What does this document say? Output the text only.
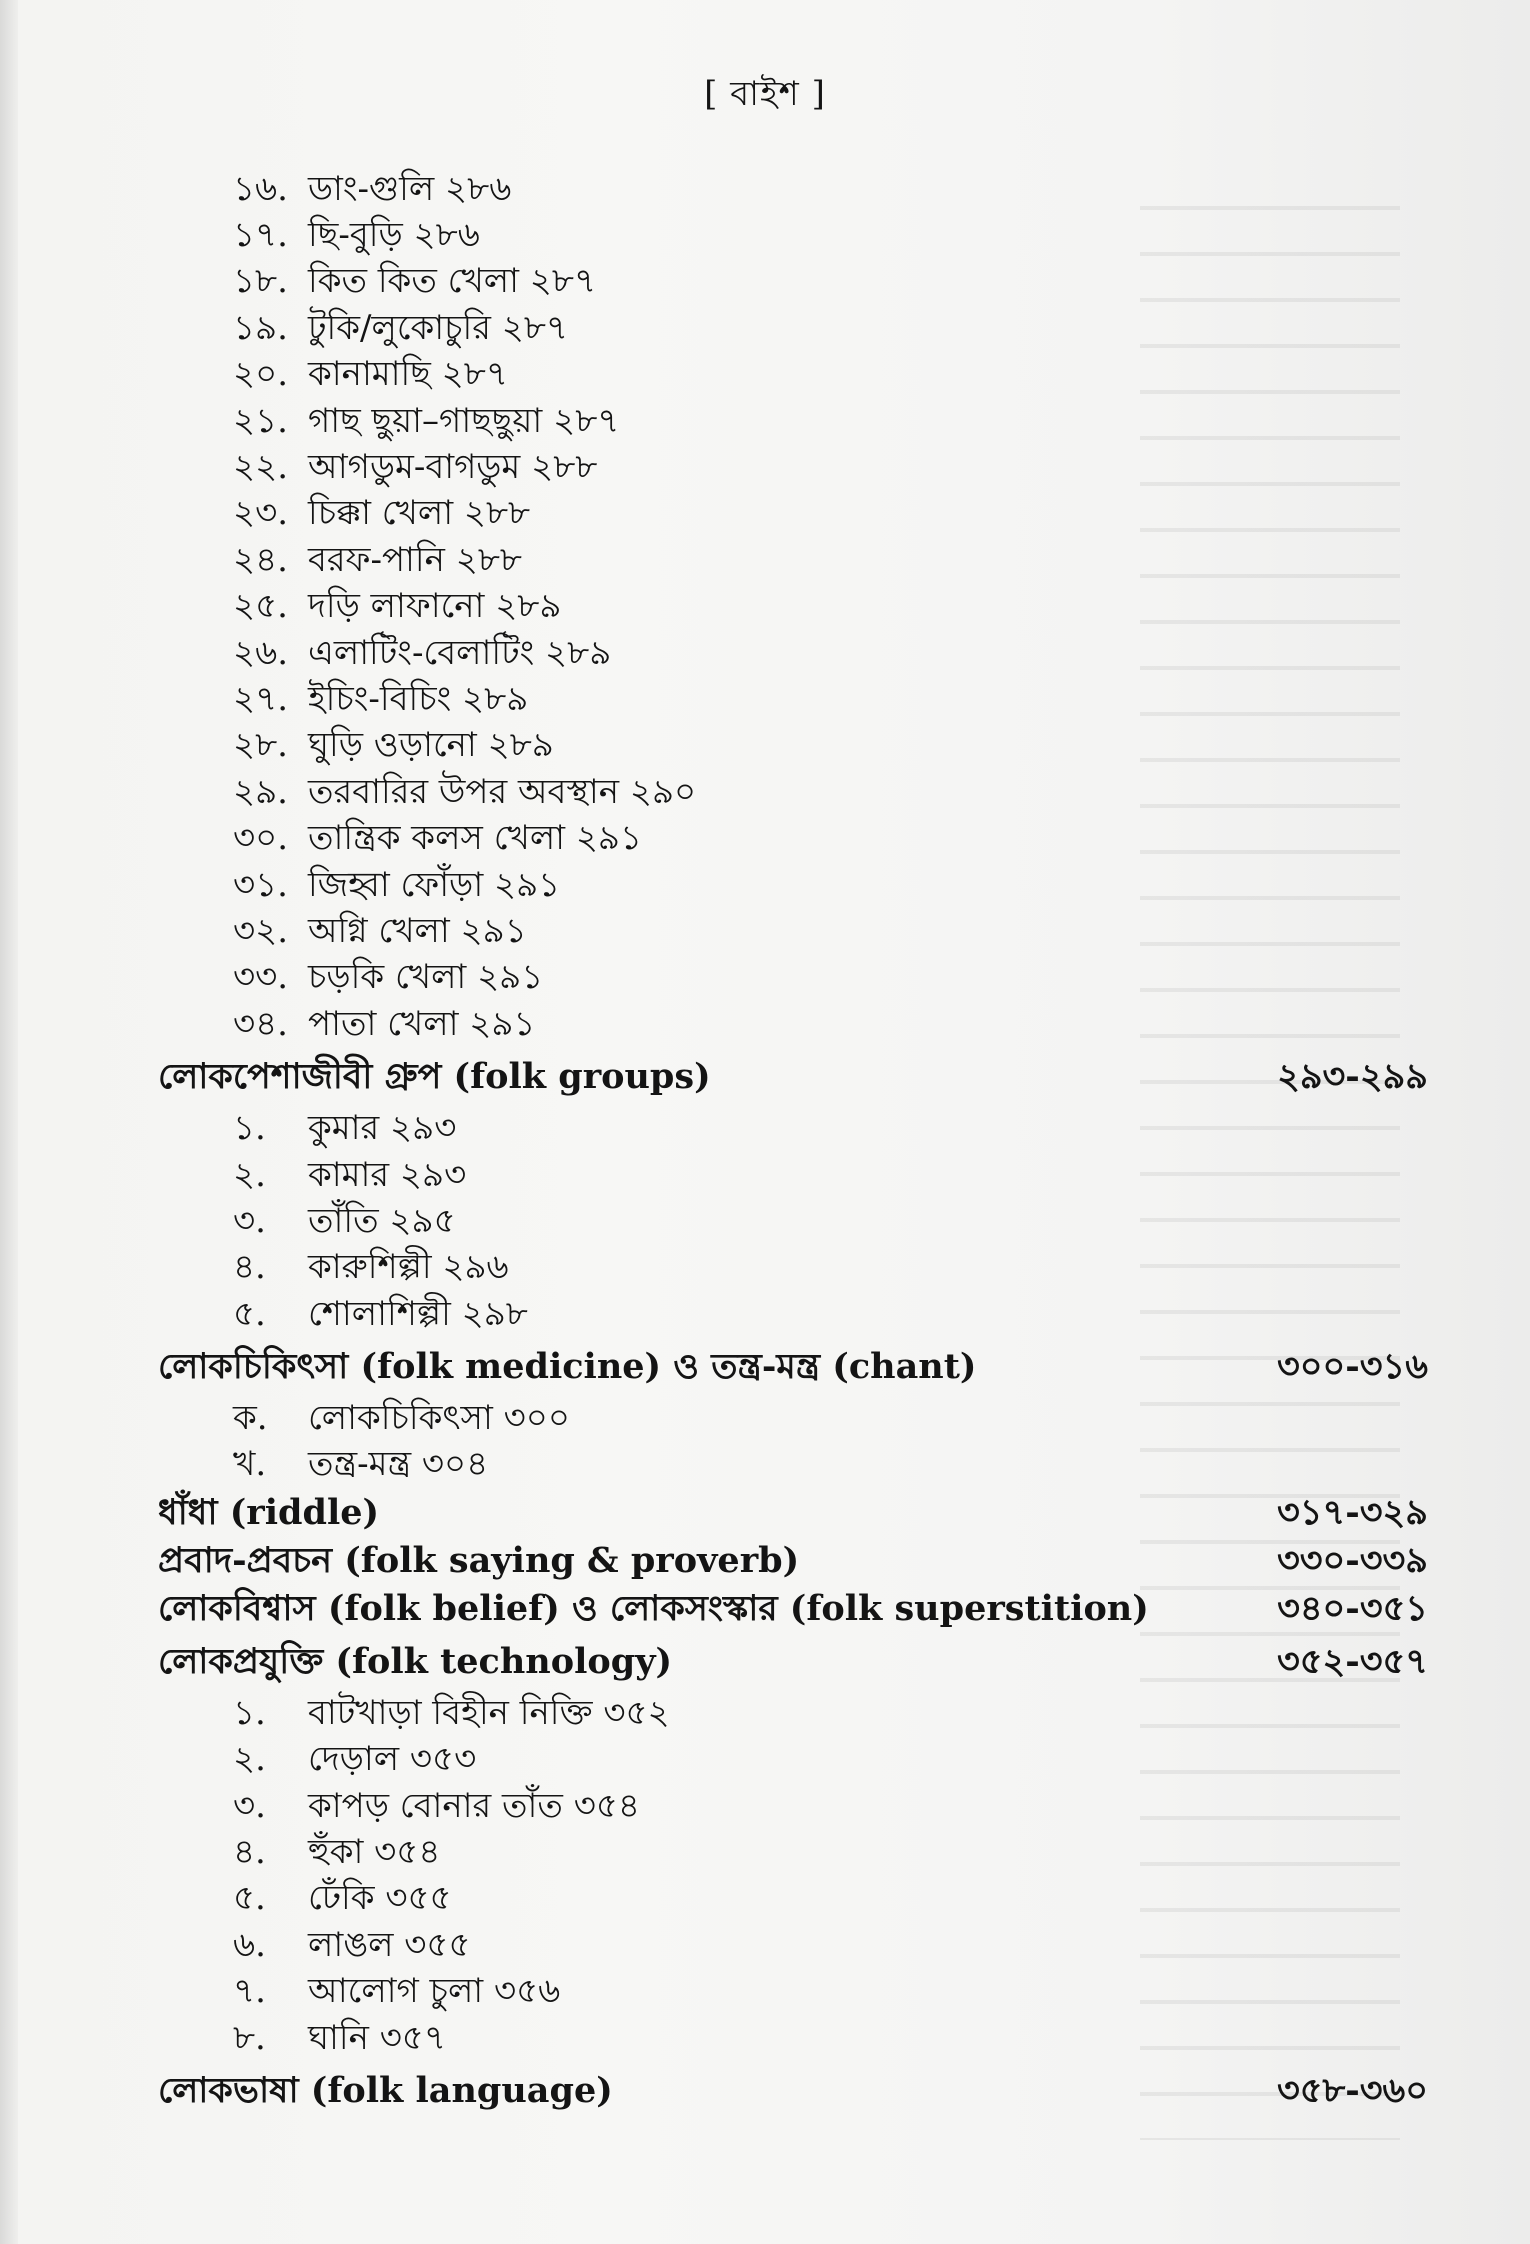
[ বাইশ ]
১৬. ডাং-গুলি ২৮৬
১৭. ছি-বুড়ি ২৮৬
১৮. কিত কিত খেলা ২৮৭
১৯. টুকি/লুকোচুরি ২৮৭
২০. কানামাছি ২৮৭
২১. গাছ ছুয়া–গাছছুয়া ২৮৭
২২. আগডুম-বাগডুম ২৮৮
২৩. চিক্কা খেলা ২৮৮
২৪. বরফ-পানি ২৮৮
২৫. দড়ি লাফানো ২৮৯
২৬. এলাটিং-বেলাটিং ২৮৯
২৭. ইচিং-বিচিং ২৮৯
২৮. ঘুড়ি ওড়ানো ২৮৯
২৯. তরবারির উপর অবস্থান ২৯০
৩০. তান্ত্রিক কলস খেলা ২৯১
৩১. জিহ্বা ফোঁড়া ২৯১
৩২. অগ্নি খেলা ২৯১
৩৩. চড়কি খেলা ২৯১
৩৪. পাতা খেলা ২৯১
লোকপেশাজীবী গ্রুপ (folk groups)	২৯৩-২৯৯
১.	কুমার ২৯৩
২.	কামার ২৯৩
৩.	তাঁতি ২৯৫
৪.	কারুশিল্পী ২৯৬
৫.	শোলাশিল্পী ২৯৮
লোকচিকিৎসা (folk medicine) ও তন্ত্র-মন্ত্র (chant)	৩০০-৩১৬
ক.	লোকচিকিৎসা ৩০০
খ.	তন্ত্র-মন্ত্র ৩০৪
ধাঁধা (riddle)	৩১৭-৩২৯
প্রবাদ-প্রবচন (folk saying & proverb)	৩৩০-৩৩৯
লোকবিশ্বাস (folk belief) ও লোকসংস্কার (folk superstition)	৩৪০-৩৫১
লোকপ্রযুক্তি (folk technology)	৩৫২-৩৫৭
১.	বাটখাড়া বিহীন নিক্তি ৩৫২
২.	দেড়াল ৩৫৩
৩.	কাপড় বোনার তাঁত ৩৫৪
৪.	হুঁকা ৩৫৪
৫.	ঢেঁকি ৩৫৫
৬.	লাঙল ৩৫৫
৭.	আলোগ চুলা ৩৫৬
৮.	ঘানি ৩৫৭
লোকভাষা (folk language)	৩৫৮-৩৬০
